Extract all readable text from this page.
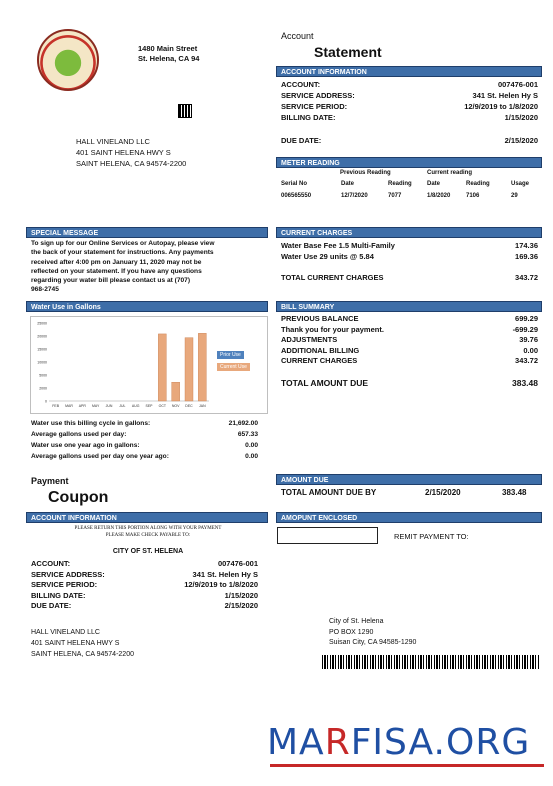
1480 Main Street
St. Helena, CA 94
HALL VINELAND LLC
401 SAINT HELENA HWY S
SAINT HELENA, CA 94574-2200
Account
Statement
ACCOUNT INFORMATION
ACCOUNT:	007476-001
SERVICE ADDRESS:	341 St. Helen Hy S
SERVICE PERIOD:	12/9/2019 to 1/8/2020
BILLING DATE:	1/15/2020
DUE DATE:	2/15/2020
METER READING
Previous Reading	Current reading
Serial No	Date	Reading	Date	Reading	Usage
006565550	12/7/2020	7077	1/8/2020	7106	29
SPECIAL MESSAGE
To sign up for our Online Services or Autopay, please view
the back of your statement for instructions. Any payments
received after 4:00 pm on January 11, 2020 may not be
reflected on your statement. If you have any questions
regarding your water bill please contact us at (707)
968-2745
CURRENT CHARGES
Water Base Fee 1.5 Multi-Family	174.36
Water Use 29 units @ 5.84	169.36
TOTAL CURRENT CHARGES	343.72
Water Use in Gallons
25000
20000
15000
10000
5000
2000
0
FEB MAR APR MAY JUN JUL AUG SEP OCT NOV DEC JAN
Prior Use
Current Use
Water use this billing cycle in gallons:	21,692.00
Average gallons used per day:	657.33
Water use one year ago in gallons:	0.00
Average gallons used per day one year ago:	0.00
BILL SUMMARY
PREVIOUS BALANCE	699.29
Thank you for your payment.	-699.29
ADJUSTMENTS	39.76
ADDITIONAL BILLING	0.00
CURRENT CHARGES	343.72
TOTAL AMOUNT DUE	383.48
AMOUNT DUE
TOTAL AMOUNT DUE BY	2/15/2020	383.48
Payment
Coupon
ACCOUNT INFORMATION
PLEASE RETURN THIS PORTION ALONG WITH YOUR PAYMENT
PLEASE MAKE CHECK PAYABLE TO:
CITY OF ST. HELENA
ACCOUNT:	007476-001
SERVICE ADDRESS:	341 St. Helen Hy S
SERVICE PERIOD:	12/9/2019 to 1/8/2020
BILLING DATE:	1/15/2020
DUE DATE:	2/15/2020
HALL VINELAND LLC
401 SAINT HELENA HWY S
SAINT HELENA, CA 94574-2200
AMOPUNT ENCLOSED
REMIT PAYMENT TO:
City of St. Helena
PO BOX 1290
Suisan City, CA 94585-1290
MARFISA.ORG
